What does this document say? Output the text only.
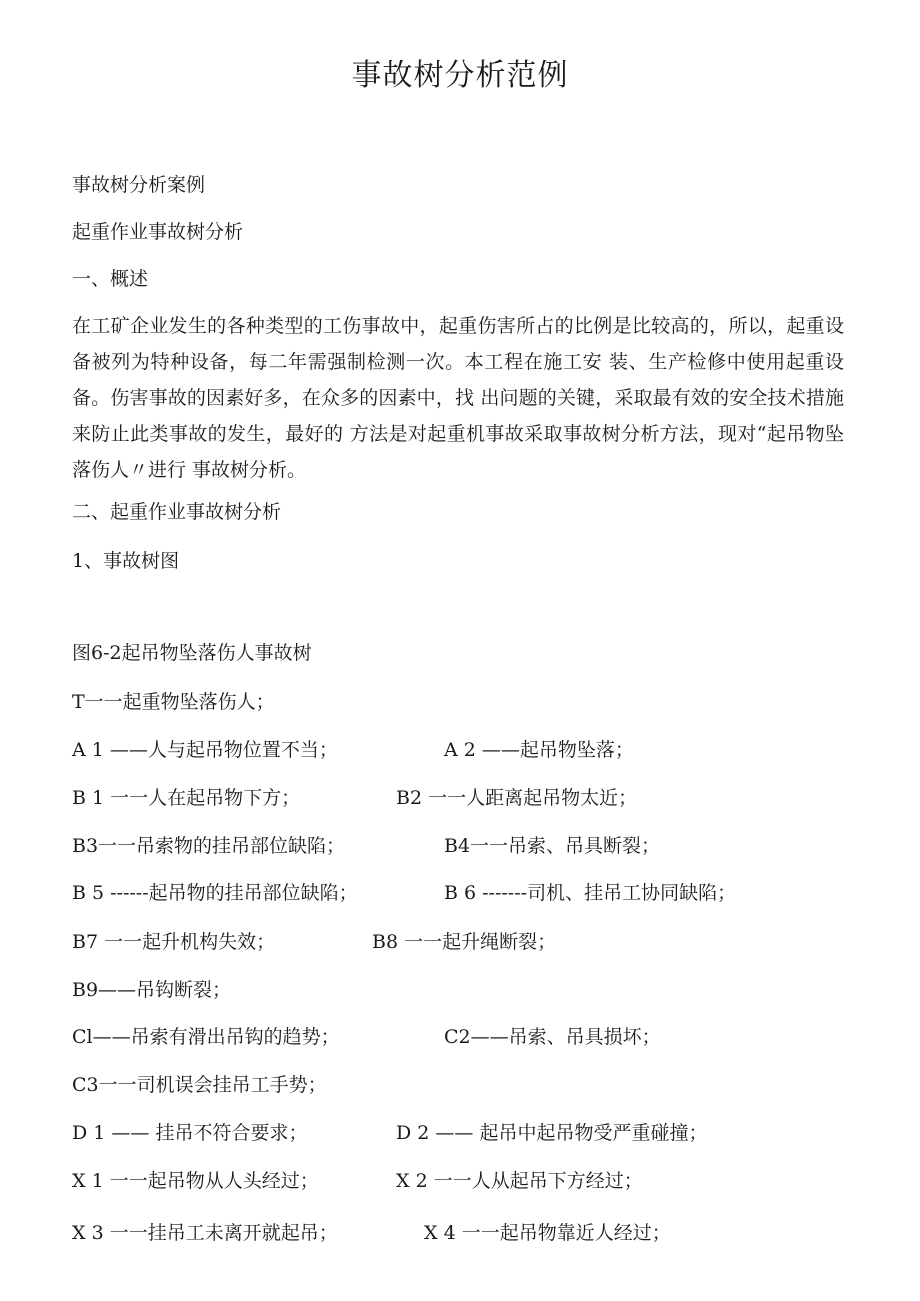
事故树分析范例
事故树分析案例
起重作业事故树分析
一、概述
在工矿企业发生的各种类型的工伤事故中，起重伤害所占的比例是比较高的，所以，起重设备被列为特种设备，每二年需强制检测一次。本工程在施工安 装、生产检修中使用起重设备。伤害事故的因素好多，在众多的因素中，找 出问题的关键，采取最有效的安全技术措施来防止此类事故的发生，最好的 方法是对起重机事故采取事故树分析方法，现对“起吊物坠落伤人〃进行 事故树分析。
二、起重作业事故树分析
1、事故树图
图6-2起吊物坠落伤人事故树
T一一起重物坠落伤人；
A 1 ——人与起吊物位置不当；	A 2 ——起吊物坠落；
B 1 一一人在起吊物下方；	B2 一一人距离起吊物太近；
B3一一吊索物的挂吊部位缺陷；	B4一一吊索、吊具断裂；
B 5 ------起吊物的挂吊部位缺陷；	B 6 -------司机、挂吊工协同缺陷；
B7 一一起升机构失效；	B8 一一起升绳断裂；
B9——吊钩断裂；
Cl——吊索有滑出吊钩的趋势；	C2——吊索、吊具损坏；
C3一一司机误会挂吊工手势；
D 1 —— 挂吊不符合要求；	D 2 —— 起吊中起吊物受严重碰撞；
X 1 一一起吊物从人头经过；	X 2 一一人从起吊下方经过；
X 3 一一挂吊工未离开就起吊；	X 4 一一起吊物靠近人经过；
